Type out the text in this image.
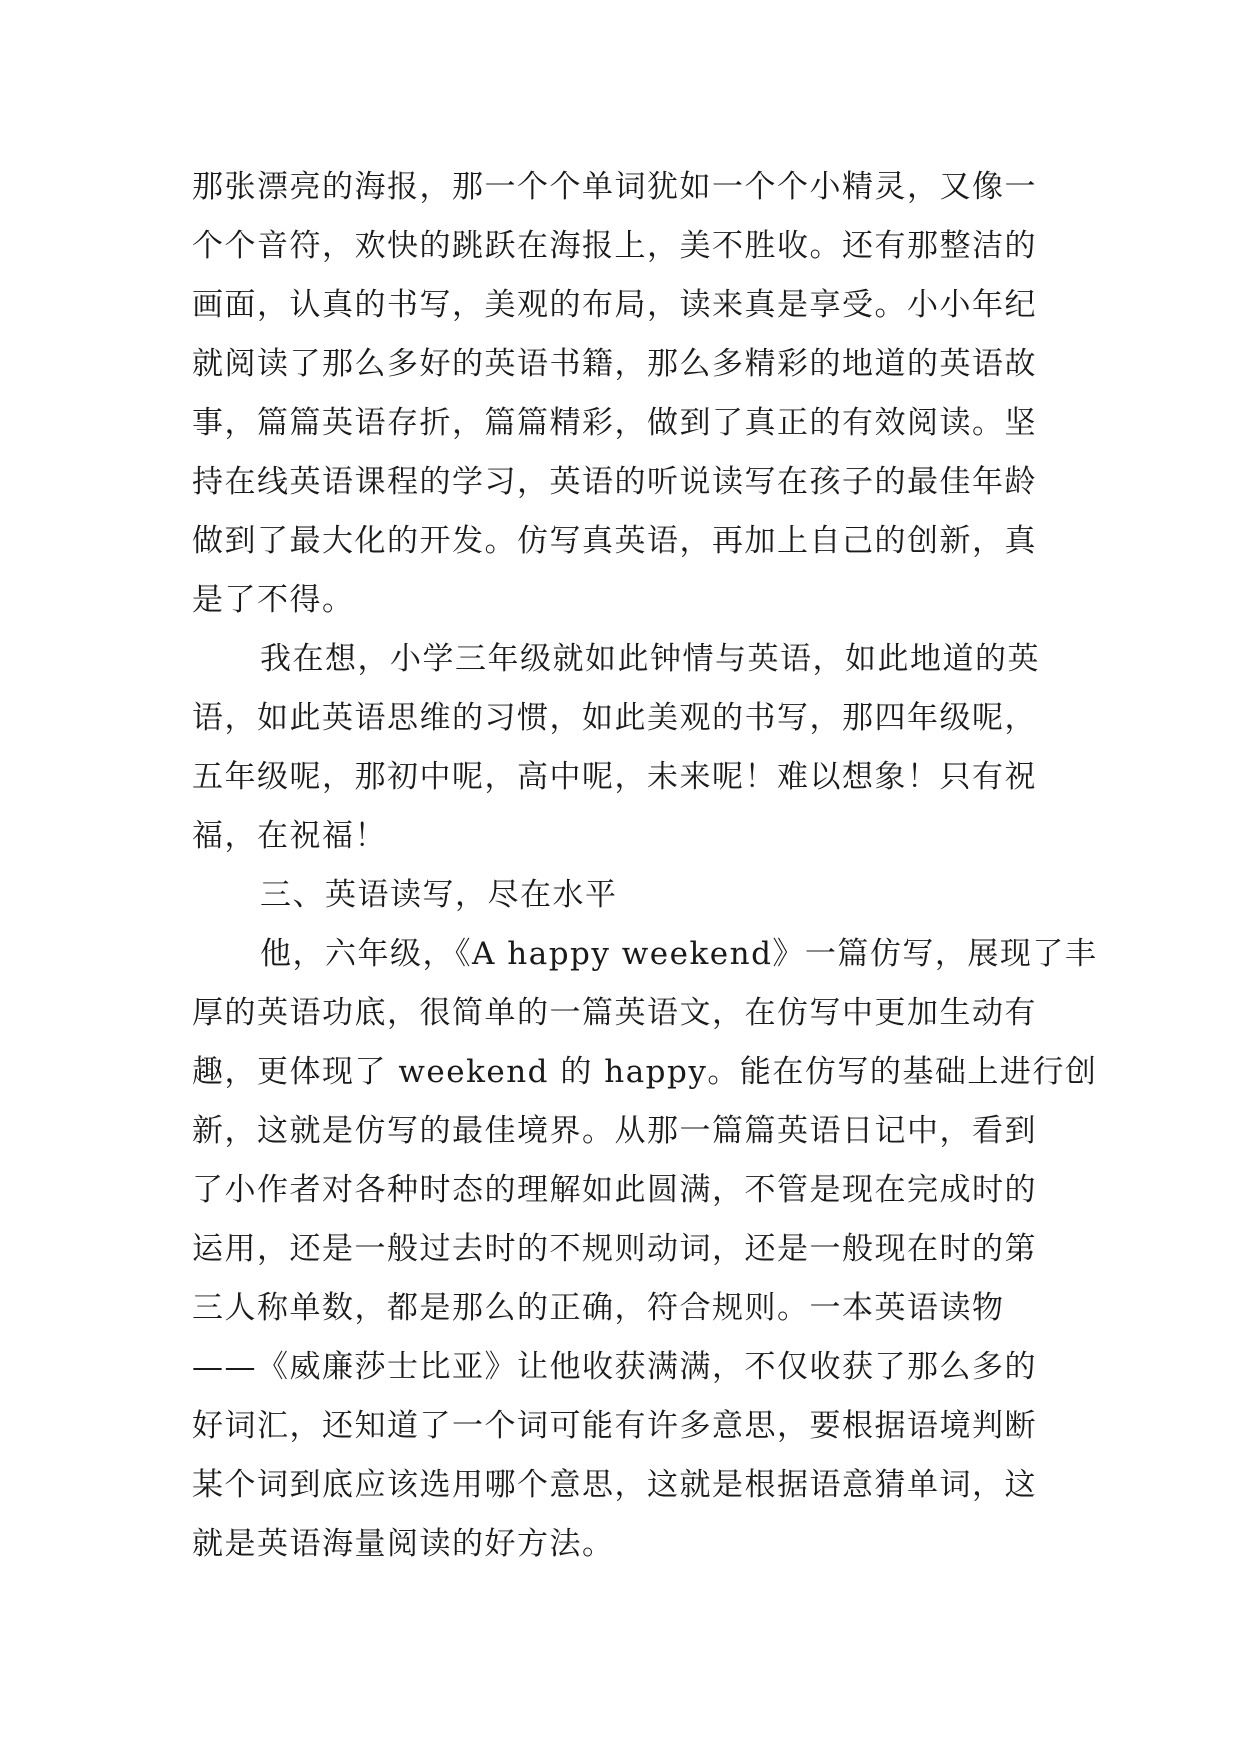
那张漂亮的海报，那一个个单词犹如一个个小精灵，又像一
个个音符，欢快的跳跃在海报上，美不胜收。还有那整洁的
画面，认真的书写，美观的布局，读来真是享受。小小年纪
就阅读了那么多好的英语书籍，那么多精彩的地道的英语故
事，篇篇英语存折，篇篇精彩，做到了真正的有效阅读。坚
持在线英语课程的学习，英语的听说读写在孩子的最佳年龄
做到了最大化的开发。仿写真英语，再加上自己的创新，真
是了不得。
我在想，小学三年级就如此钟情与英语，如此地道的英
语，如此英语思维的习惯，如此美观的书写，那四年级呢，
五年级呢，那初中呢，高中呢，未来呢！难以想象！只有祝
福，在祝福！
三、英语读写，尽在水平
他，六年级，《A happy weekend》一篇仿写，展现了丰
厚的英语功底，很简单的一篇英语文，在仿写中更加生动有
趣，更体现了 weekend 的 happy。能在仿写的基础上进行创
新，这就是仿写的最佳境界。从那一篇篇英语日记中，看到
了小作者对各种时态的理解如此圆满，不管是现在完成时的
运用，还是一般过去时的不规则动词，还是一般现在时的第
三人称单数，都是那么的正确，符合规则。一本英语读物
——《威廉莎士比亚》让他收获满满，不仅收获了那么多的
好词汇，还知道了一个词可能有许多意思，要根据语境判断
某个词到底应该选用哪个意思，这就是根据语意猜单词，这
就是英语海量阅读的好方法。
